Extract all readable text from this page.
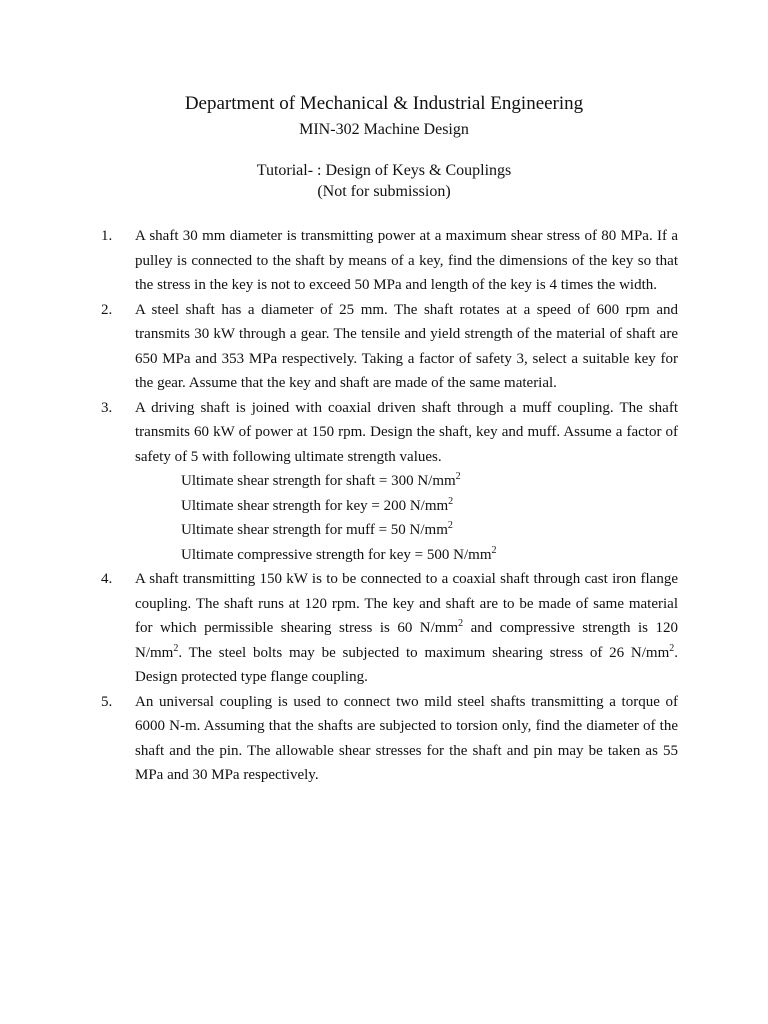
Department of Mechanical & Industrial Engineering
MIN-302 Machine Design
Tutorial- : Design of Keys & Couplings
(Not for submission)
1. A shaft 30 mm diameter is transmitting power at a maximum shear stress of 80 MPa. If a pulley is connected to the shaft by means of a key, find the dimensions of the key so that the stress in the key is not to exceed 50 MPa and length of the key is 4 times the width.
2. A steel shaft has a diameter of 25 mm. The shaft rotates at a speed of 600 rpm and transmits 30 kW through a gear. The tensile and yield strength of the material of shaft are 650 MPa and 353 MPa respectively. Taking a factor of safety 3, select a suitable key for the gear. Assume that the key and shaft are made of the same material.
3. A driving shaft is joined with coaxial driven shaft through a muff coupling. The shaft transmits 60 kW of power at 150 rpm. Design the shaft, key and muff. Assume a factor of safety of 5 with following ultimate strength values.
Ultimate shear strength for shaft = 300 $N/mm^2$
Ultimate shear strength for key = 200 $N/mm^2$
Ultimate shear strength for muff = 50 $N/mm^2$
Ultimate compressive strength for key = 500 $N/mm^2$
4. A shaft transmitting 150 kW is to be connected to a coaxial shaft through cast iron flange coupling. The shaft runs at 120 rpm. The key and shaft are to be made of same material for which permissible shearing stress is 60 $N/mm^2$ and compressive strength is 120 $N/mm^2$. The steel bolts may be subjected to maximum shearing stress of 26 $N/mm^2$. Design protected type flange coupling.
5. An universal coupling is used to connect two mild steel shafts transmitting a torque of 6000 N-m. Assuming that the shafts are subjected to torsion only, find the diameter of the shaft and the pin. The allowable shear stresses for the shaft and pin may be taken as 55 MPa and 30 MPa respectively.
